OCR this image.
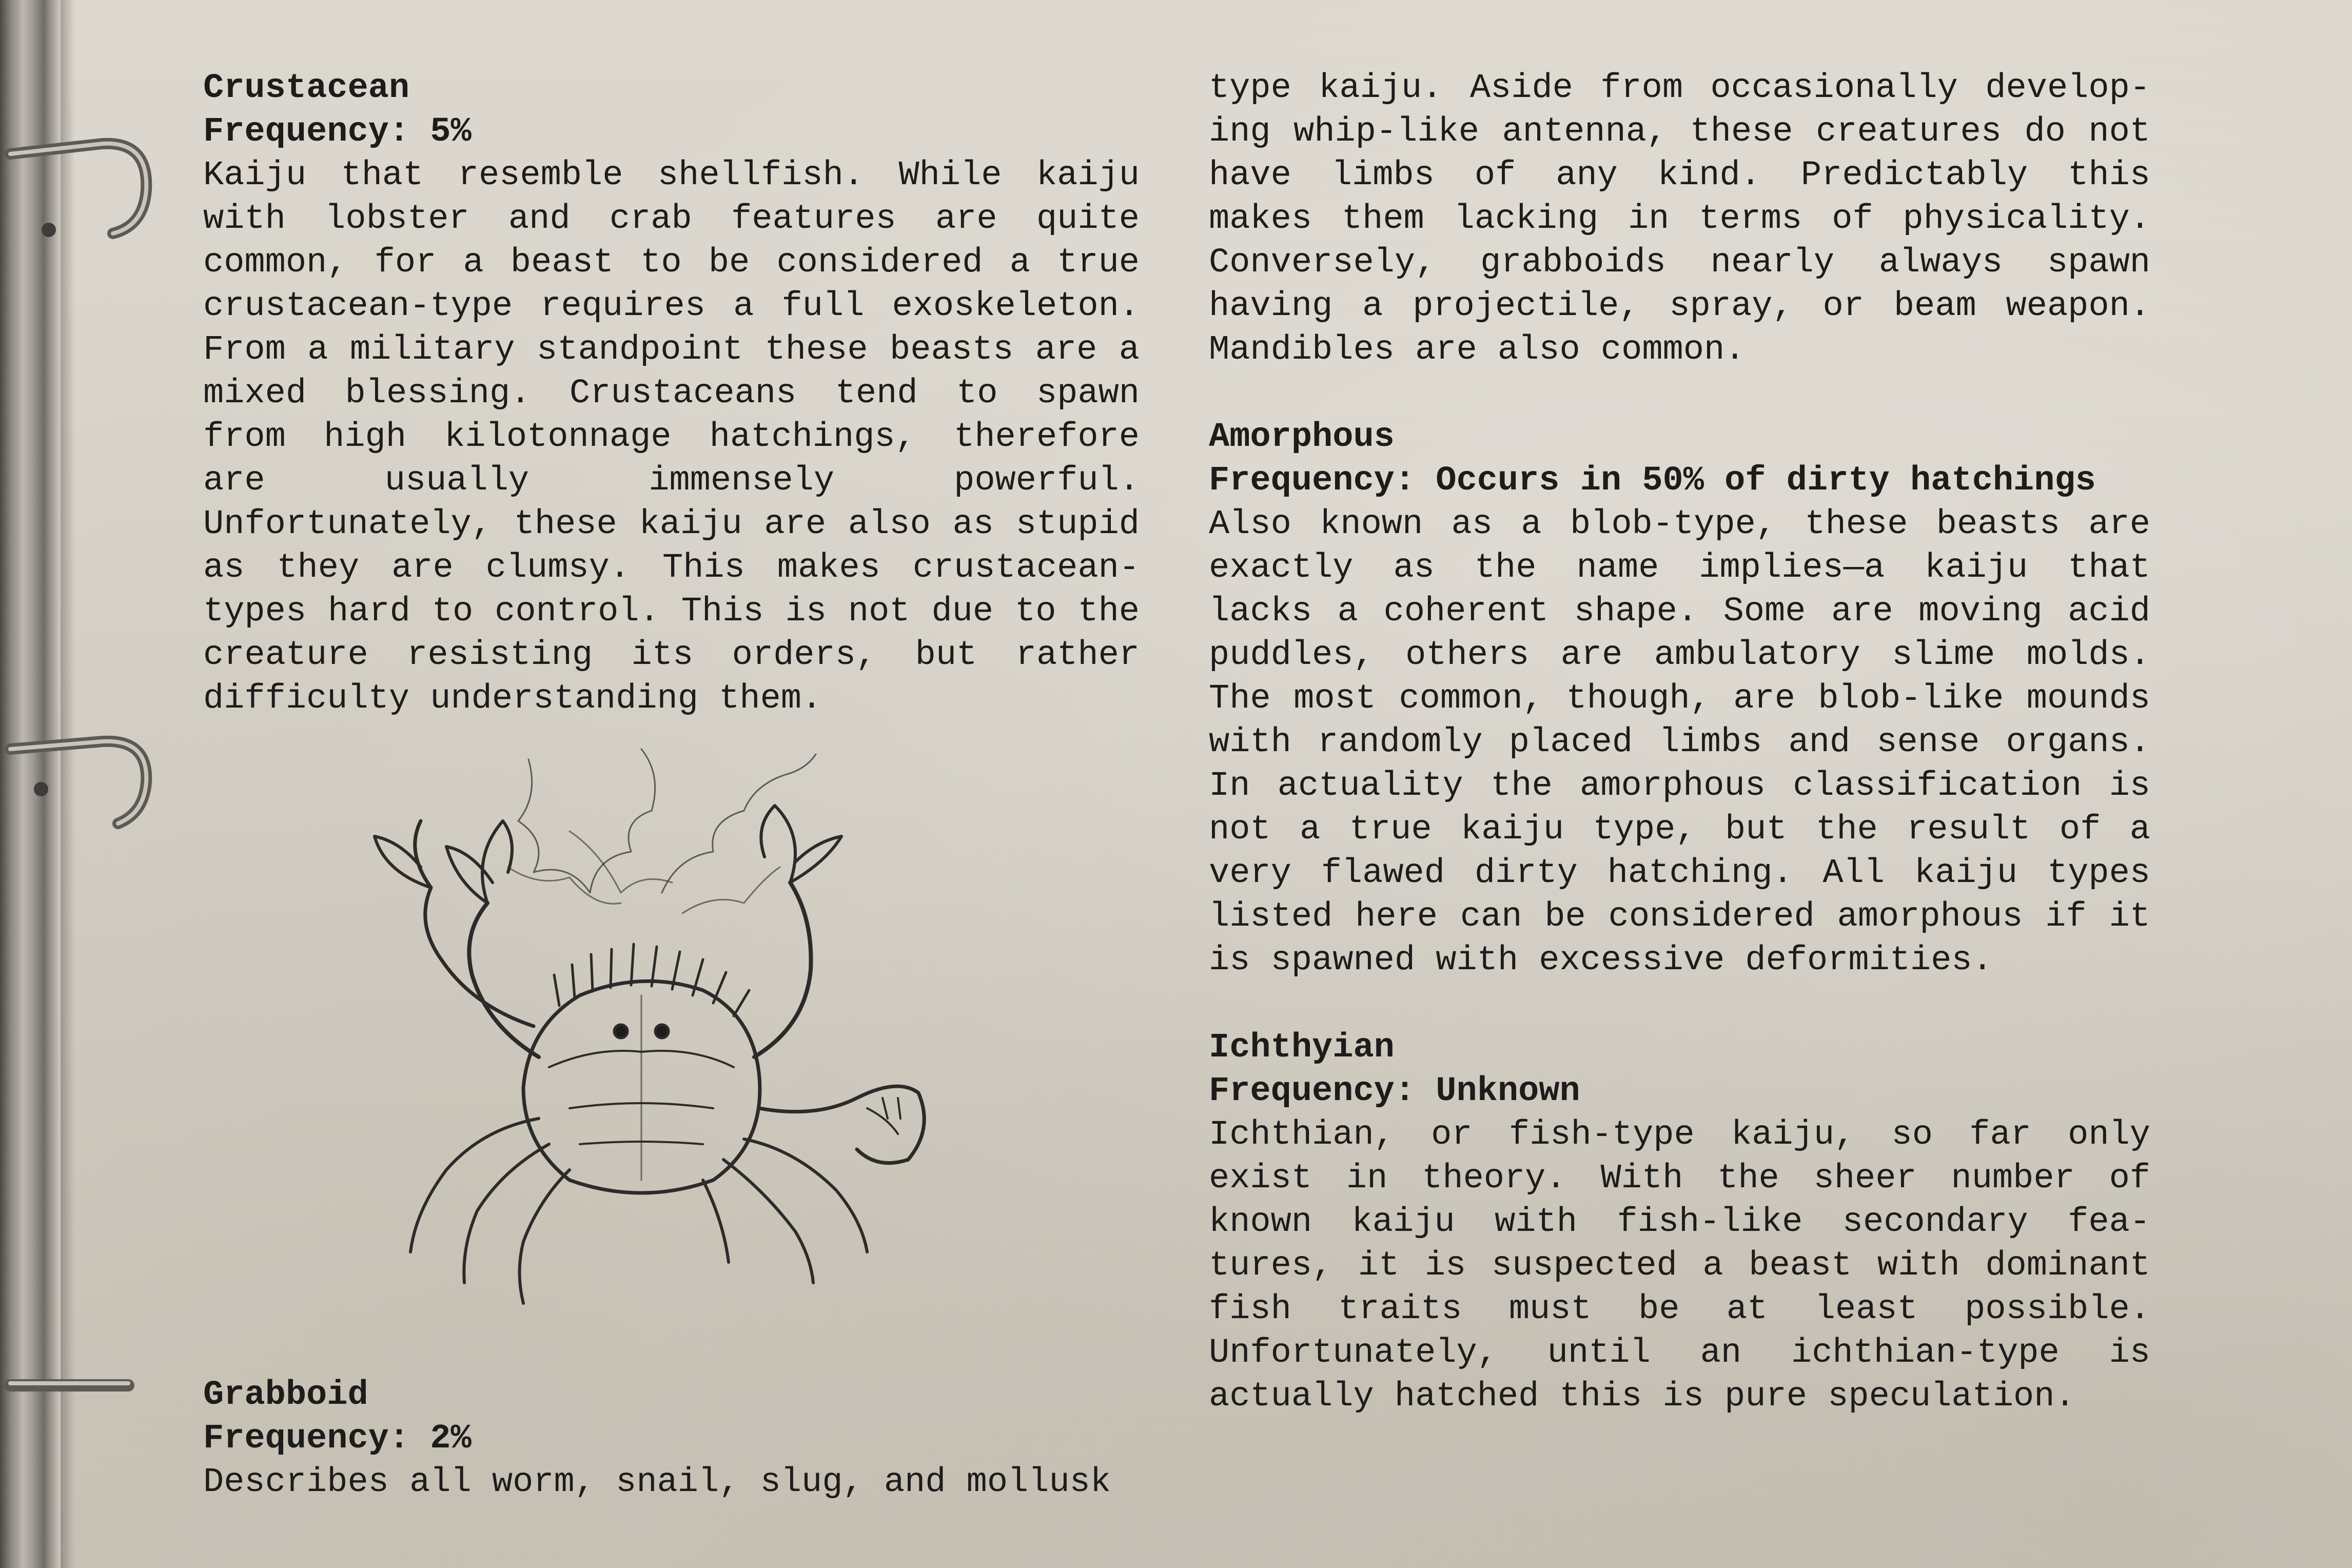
Crustacean
Frequency: 5%
Kaiju that resemble shellfish. While kaiju with lobster and crab features are quite common, for a beast to be considered a true crustacean-type requires a full exoskeleton. From a military standpoint these beasts are a mixed blessing. Crustaceans tend to spawn from high kilotonnage hatchings, therefore are usually immensely powerful. Unfortunately, these kaiju are also as stupid as they are clumsy. This makes crustacean-types hard to control. This is not due to the creature resisting its orders, but rather difficulty understanding them.
Grabboid
Frequency: 2%
Describes all worm, snail, slug, and mollusk
type kaiju. Aside from occasionally developing whip-like antenna, these creatures do not have limbs of any kind. Predictably this makes them lacking in terms of physicality. Conversely, grabboids nearly always spawn having a projectile, spray, or beam weapon. Mandibles are also common.
Amorphous
Frequency: Occurs in 50% of dirty hatchings
Also known as a blob-type, these beasts are exactly as the name implies—a kaiju that lacks a coherent shape. Some are moving acid puddles, others are ambulatory slime molds. The most common, though, are blob-like mounds with randomly placed limbs and sense organs. In actuality the amorphous classification is not a true kaiju type, but the result of a very flawed dirty hatching. All kaiju types listed here can be considered amorphous if it is spawned with excessive deformities.
Ichthyian
Frequency: Unknown
Ichthian, or fish-type kaiju, so far only exist in theory. With the sheer number of known kaiju with fish-like secondary features, it is suspected a beast with dominant fish traits must be at least possible. Unfortunately, until an ichthian-type is actually hatched this is pure speculation.
